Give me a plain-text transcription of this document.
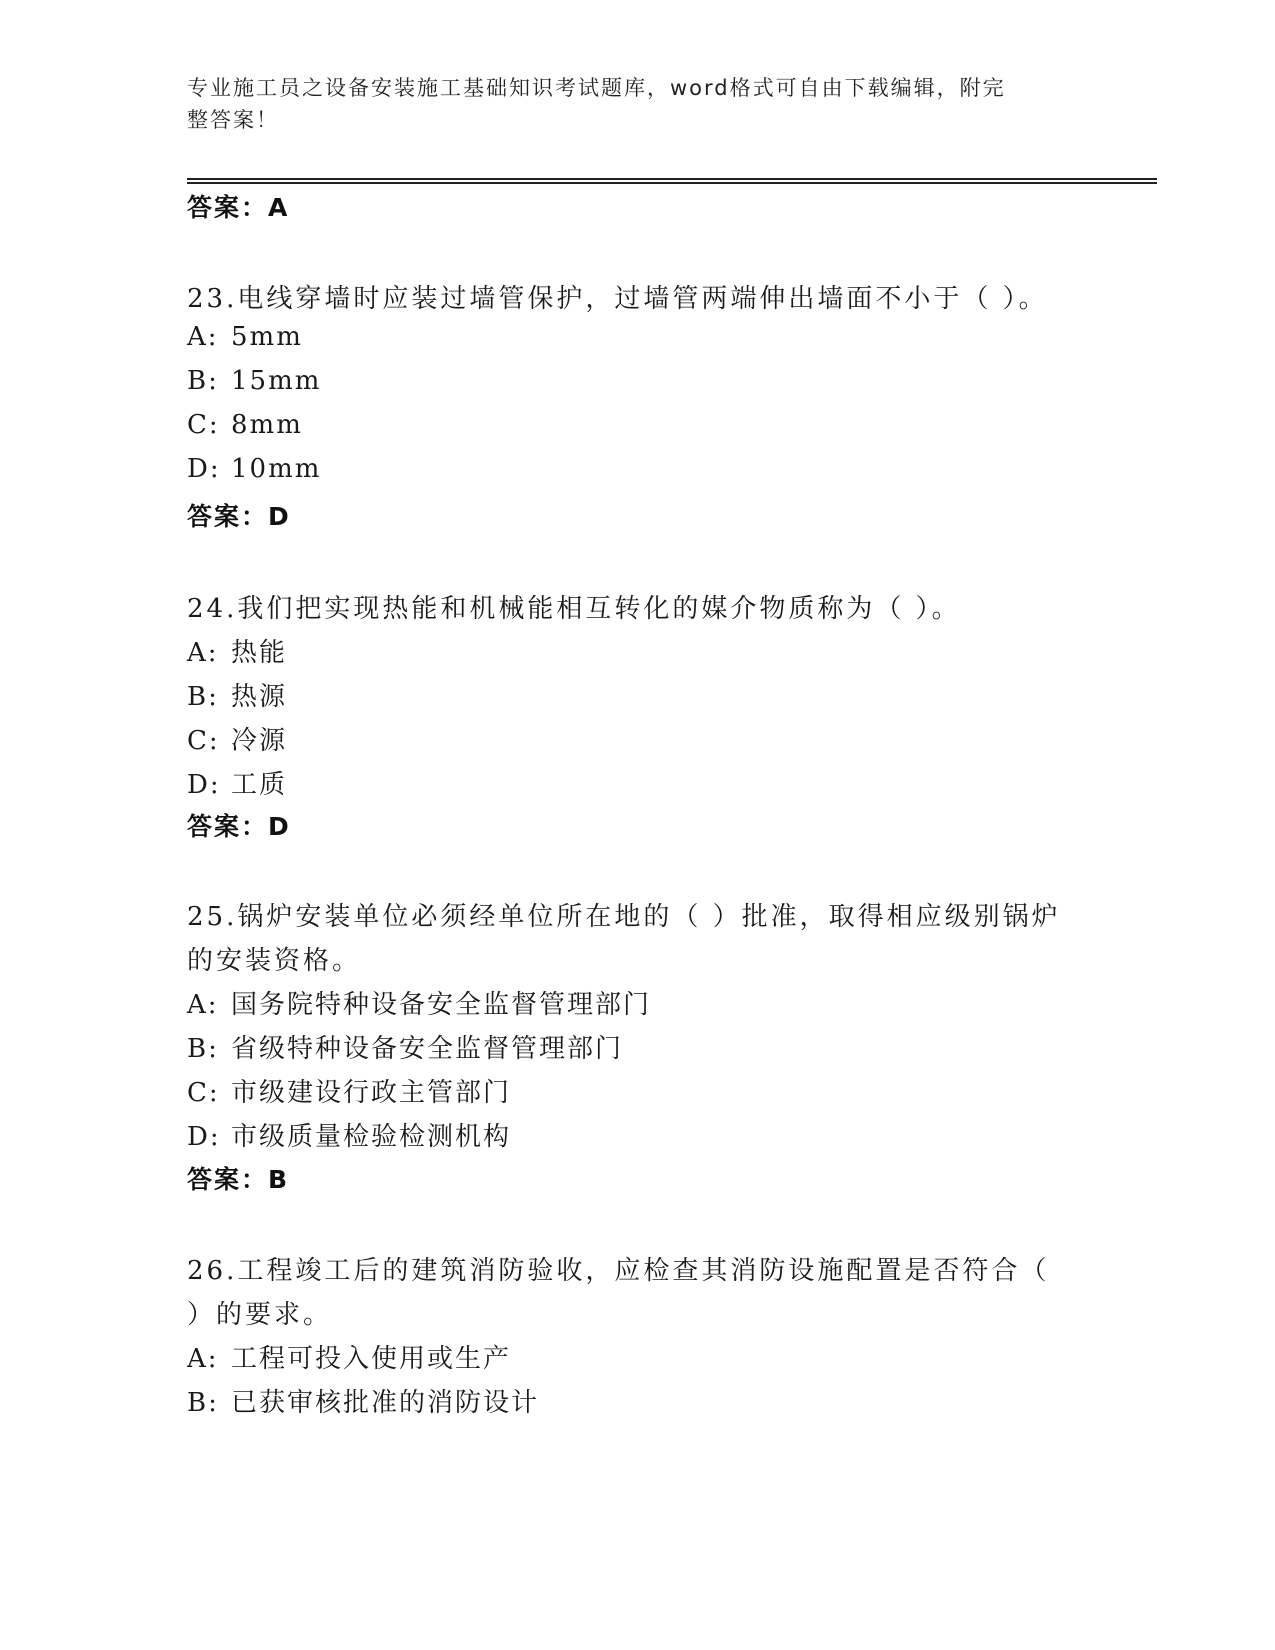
专业施工员之设备安装施工基础知识考试题库，word格式可自由下载编辑，附完
整答案！
答案：A
23.电线穿墙时应装过墙管保护，过墙管两端伸出墙面不小于（ ）。
A: 5mm
B: 15mm
C: 8mm
D: 10mm
答案：D
24.我们把实现热能和机械能相互转化的媒介物质称为（ ）。
A: 热能
B: 热源
C: 冷源
D: 工质
答案：D
25.锅炉安装单位必须经单位所在地的（ ）批准，取得相应级别锅炉
的安装资格。
A: 国务院特种设备安全监督管理部门
B: 省级特种设备安全监督管理部门
C: 市级建设行政主管部门
D: 市级质量检验检测机构
答案：B
26.工程竣工后的建筑消防验收，应检查其消防设施配置是否符合（
）的要求。
A: 工程可投入使用或生产
B: 已获审核批准的消防设计
